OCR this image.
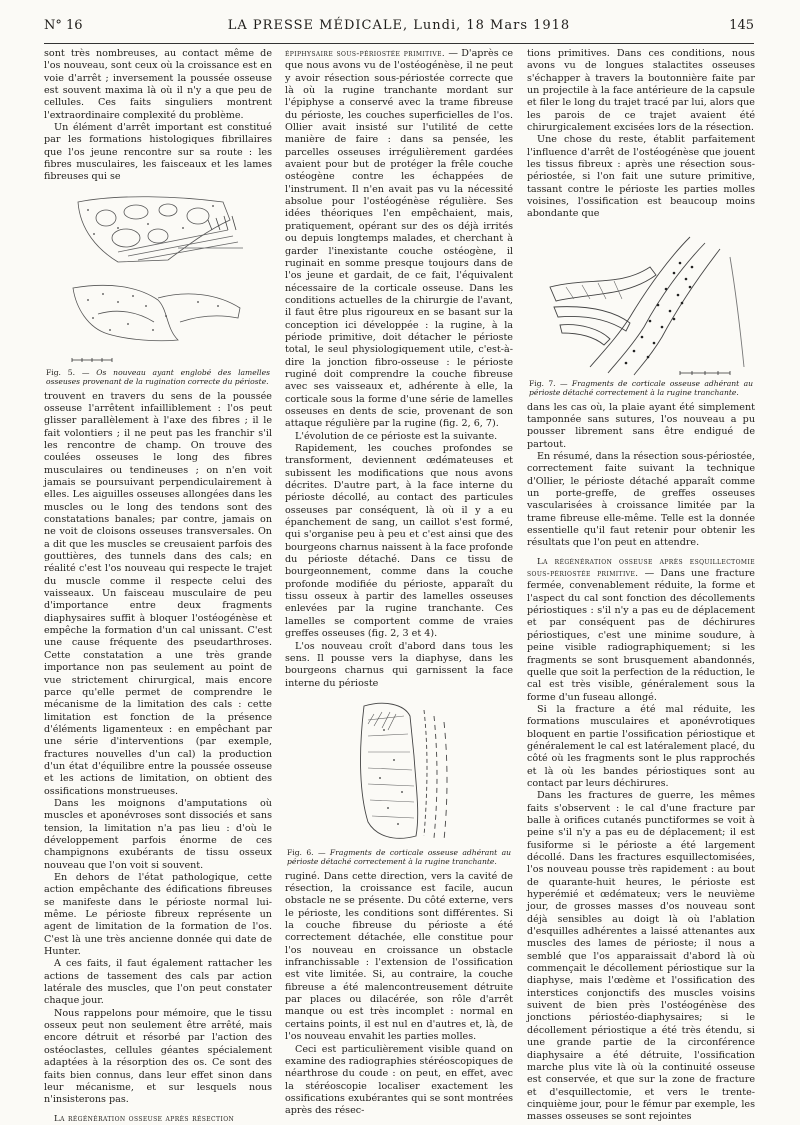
N° 16	LA PRESSE MÉDICALE, Lundi, 18 Mars 1918	145

sont très nombreuses, au contact même de l'os nouveau, sont ceux où la croissance est en voie d'arrêt ; inversement la poussée osseuse est souvent maxima là où il n'y a que peu de cellules. Ces faits singuliers montrent l'extraordinaire complexité du problème.

Un élément d'arrêt important est constitué par les formations histologiques fibrillaires que l'os jeune rencontre sur sa route : les fibres musculaires, les faisceaux et les lames fibreuses qui se

Fig. 5. — Os nouveau ayant englobé des lamelles osseuses provenant de la rugination correcte du périoste.

trouvent en travers du sens de la poussée osseuse l'arrêtent infailliblement : l'os peut glisser parallèlement à l'axe des fibres ; il le fait volontiers ; il ne peut pas les franchir s'il les rencontre de champ. On trouve des coulées osseuses le long des fibres musculaires ou tendineuses ; on n'en voit jamais se poursuivant perpendiculairement à elles. Les aiguilles osseuses allongées dans les muscles ou le long des tendons sont des constatations banales; par contre, jamais on ne voit de cloisons osseuses transversales. On a dit que les muscles se creusaient parfois des gouttières, des tunnels dans des cals; en réalité c'est l'os nouveau qui respecte le trajet du muscle comme il respecte celui des vaisseaux. Un faisceau musculaire de peu d'importance entre deux fragments diaphysaires suffit à bloquer l'ostéogénèse et empêche la formation d'un cal unissant. C'est une cause fréquente des pseudarthroses. Cette constatation a une très grande importance non pas seulement au point de vue strictement chirurgical, mais encore parce qu'elle permet de comprendre le mécanisme de la limitation des cals : cette limitation est fonction de la présence d'éléments ligamenteux : en empêchant par une série d'interventions (par exemple, fractures nouvelles d'un cal) la production d'un état d'équilibre entre la poussée osseuse et les actions de limitation, on obtient des ossifications monstrueuses.

Dans les moignons d'amputations où muscles et aponévroses sont dissociés et sans tension, la limitation n'a pas lieu : d'où le développement parfois énorme de ces champignons exubérants de tissu osseux nouveau que l'on voit si souvent.

En dehors de l'état pathologique, cette action empêchante des édifications fibreuses se manifeste dans le périoste normal lui-même. Le périoste fibreux représente un agent de limitation de la formation de l'os. C'est là une très ancienne donnée qui date de Hunter.

A ces faits, il faut également rattacher les actions de tassement des cals par action latérale des muscles, que l'on peut constater chaque jour.

Nous rappelons pour mémoire, que le tissu osseux peut non seulement être arrêté, mais encore détruit et résorbé par l'action des ostéoclastes, cellules géantes spécialement adaptées à la résorption des os. Ce sont des faits bien connus, dans leur effet sinon dans leur mécanisme, et sur lesquels nous n'insisterons pas.

La régénération osseuse après résection

épiphysaire sous-périostée primitive. — D'après ce que nous avons vu de l'ostéogénèse, il ne peut y avoir résection sous-périostée correcte que là où la rugine tranchante mordant sur l'épiphyse a conservé avec la trame fibreuse du périoste, les couches superficielles de l'os. Ollier avait insisté sur l'utilité de cette manière de faire : dans sa pensée, les parcelles osseuses irrégulièrement gardées avaient pour but de protéger la frêle couche ostéogène contre les échappées de l'instrument. Il n'en avait pas vu la nécessité absolue pour l'ostéogénèse régulière. Ses idées théoriques l'en empêchaient, mais, pratiquement, opérant sur des os déjà irrités ou depuis longtemps malades, et cherchant à garder l'inexistante couche ostéogène, il ruginait en somme presque toujours dans de l'os jeune et gardait, de ce fait, l'équivalent nécessaire de la corticale osseuse. Dans les conditions actuelles de la chirurgie de l'avant, il faut être plus rigoureux en se basant sur la conception ici développée : la rugine, à la période primitive, doit détacher le périoste total, le seul physiologiquement utile, c'est-à-dire la jonction fibro-osseuse : le périoste ruginé doit comprendre la couche fibreuse avec ses vaisseaux et, adhérente à elle, la corticale sous la forme d'une série de lamelles osseuses en dents de scie, provenant de son attaque régulière par la rugine (fig. 2, 6, 7).

L'évolution de ce périoste est la suivante.

Rapidement, les couches profondes se transforment, deviennent œdémateuses et subissent les modifications que nous avons décrites. D'autre part, à la face interne du périoste décollé, au contact des particules osseuses par conséquent, là où il y a eu épanchement de sang, un caillot s'est formé, qui s'organise peu à peu et c'est ainsi que des bourgeons charnus naissent à la face profonde du périoste détaché. Dans ce tissu de bourgeonnement, comme dans la couche profonde modifiée du périoste, apparaît du tissu osseux à partir des lamelles osseuses enlevées par la rugine tranchante. Ces lamelles se comportent comme de vraies greffes osseuses (fig. 2, 3 et 4).

L'os nouveau croît d'abord dans tous les sens. Il pousse vers la diaphyse, dans les bourgeons charnus qui garnissent la face interne du périoste

Fig. 6. — Fragments de corticale osseuse adhérant au périoste détaché correctement à la rugine tranchante.

ruginé. Dans cette direction, vers la cavité de résection, la croissance est facile, aucun obstacle ne se présente. Du côté externe, vers le périoste, les conditions sont différentes. Si la couche fibreuse du périoste a été correctement détachée, elle constitue pour l'os nouveau en croissance un obstacle infranchissable : l'extension de l'ossification est vite limitée. Si, au contraire, la couche fibreuse a été malencontreusement détruite par places ou dilacérée, son rôle d'arrêt manque ou est très incomplet : normal en certains points, il est nul en d'autres et, là, de l'os nouveau envahit les parties molles.

Ceci est particulièrement visible quand on examine des radiographies stéréoscopiques de néarthrose du coude : on peut, en effet, avec la stéréoscopie localiser exactement les ossifications exubérantes qui se sont montrées après des résec-

tions primitives. Dans ces conditions, nous avons vu de longues stalactites osseuses s'échapper à travers la boutonnière faite par un projectile à la face antérieure de la capsule et filer le long du trajet tracé par lui, alors que les parois de ce trajet avaient été chirurgicalement excisées lors de la résection.

Une chose du reste, établit parfaitement l'influence d'arrêt de l'ostéogénèse que jouent les tissus fibreux : après une résection sous-périostée, si l'on fait une suture primitive, tassant contre le périoste les parties molles voisines, l'ossification est beaucoup moins abondante que

Fig. 7. — Fragments de corticale osseuse adhérant au périoste détaché correctement à la rugine tranchante.

dans les cas où, la plaie ayant été simplement tamponnée sans sutures, l'os nouveau a pu pousser librement sans être endigué de partout.

En résumé, dans la résection sous-périostée, correctement faite suivant la technique d'Ollier, le périoste détaché apparaît comme un porte-greffe, de greffes osseuses vascularisées à croissance limitée par la trame fibreuse elle-même. Telle est la donnée essentielle qu'il faut retenir pour obtenir les résultats que l'on peut en attendre.

La régénération osseuse après esquillectomie sous-périostée primitive. — Dans une fracture fermée, convenablement réduite, la forme et l'aspect du cal sont fonction des décollements périostiques : s'il n'y a pas eu de déplacement et par conséquent pas de déchirures périostiques, c'est une minime soudure, à peine visible radiographiquement; si les fragments se sont brusquement abandonnés, quelle que soit la perfection de la réduction, le cal est très visible, généralement sous la forme d'un fuseau allongé.

Si la fracture a été mal réduite, les formations musculaires et aponévrotiques bloquent en partie l'ossification périostique et généralement le cal est latéralement placé, du côté où les fragments sont le plus rapprochés et là où les bandes périostiques sont au contact par leurs déchirures.

Dans les fractures de guerre, les mêmes faits s'observent : le cal d'une fracture par balle à orifices cutanés punctiformes se voit à peine s'il n'y a pas eu de déplacement; il est fusiforme si le périoste a été largement décollé. Dans les fractures esquillectomisées, l'os nouveau pousse très rapidement : au bout de quarante-huit heures, le périoste est hyperémié et œdémateux; vers le neuvième jour, de grosses masses d'os nouveau sont déjà sensibles au doigt là où l'ablation d'esquilles adhérentes a laissé attenantes aux muscles des lames de périoste; il nous a semblé que l'os apparaissait d'abord là où commençait le décollement périostique sur la diaphyse, mais l'œdème et l'ossification des interstices conjonctifs des muscles voisins suivent de bien près l'ostéogénèse des jonctions périostéo-diaphysaires; si le décollement périostique a été très étendu, si une grande partie de la circonférence diaphysaire a été détruite, l'ossification marche plus vite là où la continuité osseuse est conservée, et que sur la zone de fracture et d'esquillectomie, et vers le trente-cinquième jour, pour le fémur par exemple, les masses osseuses se sont rejointes
